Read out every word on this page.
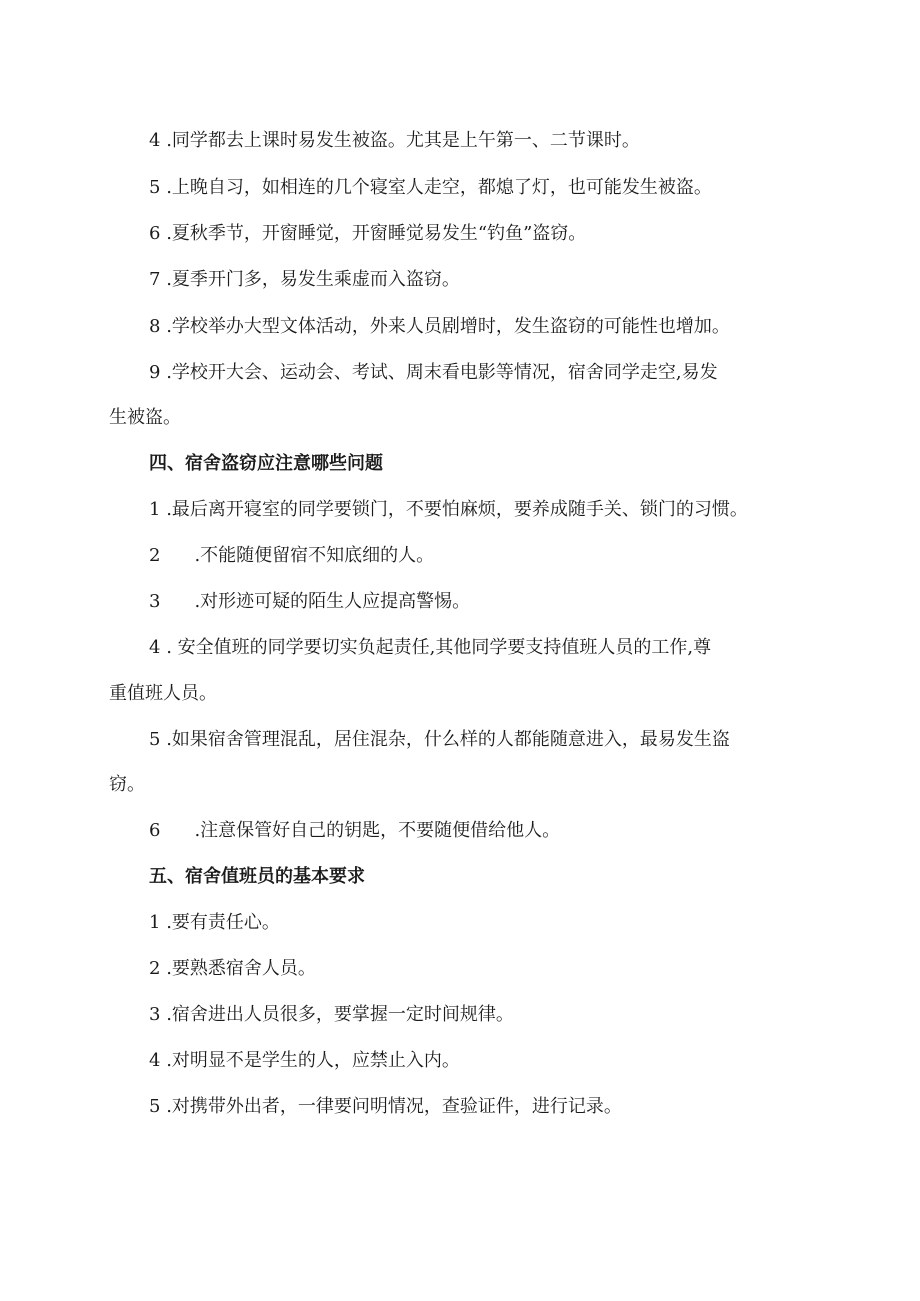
4 .同学都去上课时易发生被盗。尤其是上午第一、二节课时。
5 .上晚自习，如相连的几个寝室人走空，都熄了灯，也可能发生被盗。
6 .夏秋季节，开窗睡觉，开窗睡觉易发生“钓鱼”盗窃。
7 .夏季开门多，易发生乘虚而入盗窃。
8 .学校举办大型文体活动，外来人员剧增时，发生盗窃的可能性也增加。
9 .学校开大会、运动会、考试、周末看电影等情况，宿舍同学走空,易发
生被盗。
四、宿舍盗窃应注意哪些问题
1 .最后离开寝室的同学要锁门，不要怕麻烦，要养成随手关、锁门的习惯。
2 .不能随便留宿不知底细的人。
3 .对形迹可疑的陌生人应提高警惕。
4 . 安全值班的同学要切实负起责任,其他同学要支持值班人员的工作,尊
重值班人员。
5 .如果宿舍管理混乱，居住混杂，什么样的人都能随意进入，最易发生盗
窃。
6 .注意保管好自己的钥匙，不要随便借给他人。
五、宿舍值班员的基本要求
1 .要有责任心。
2 .要熟悉宿舍人员。
3 .宿舍进出人员很多，要掌握一定时间规律。
4 .对明显不是学生的人，应禁止入内。
5 .对携带外出者，一律要问明情况，查验证件，进行记录。
